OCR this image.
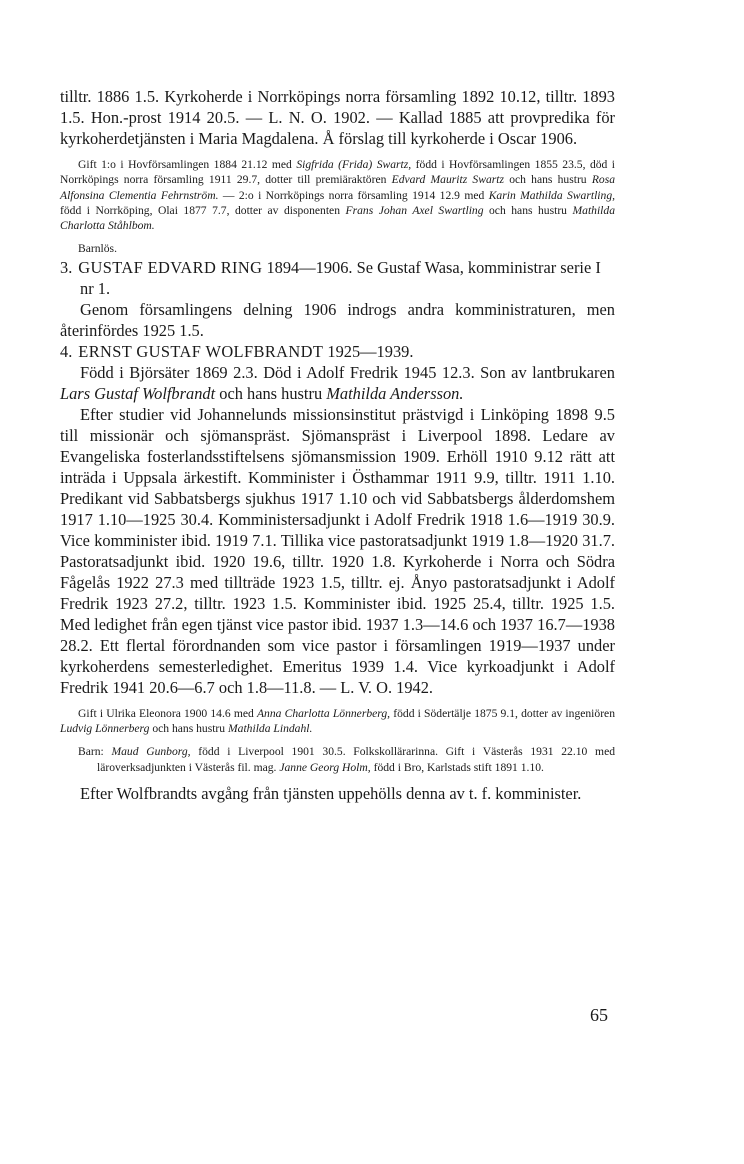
tilltr. 1886 1.5. Kyrkoherde i Norrköpings norra församling 1892 10.12, tilltr. 1893 1.5. Hon.-prost 1914 20.5. — L. N. O. 1902. — Kallad 1885 att provpredika för kyrkoherdetjänsten i Maria Magdalena. Å förslag till kyrkoherde i Oscar 1906.

Gift 1:o i Hovförsamlingen 1884 21.12 med Sigfrida (Frida) Swartz, född i Hovförsamlingen 1855 23.5, död i Norrköpings norra församling 1911 29.7, dotter till premiäraktören Edvard Mauritz Swartz och hans hustru Rosa Alfonsina Clementia Fehrnström. — 2:o i Norrköpings norra församling 1914 12.9 med Karin Mathilda Swartling, född i Norrköping, Olai 1877 7.7, dotter av disponenten Frans Johan Axel Swartling och hans hustru Mathilda Charlotta Ståhlbom.

Barnlös.

3. GUSTAF EDVARD RING 1894—1906. Se Gustaf Wasa, komministrar serie I nr 1.

Genom församlingens delning 1906 indrogs andra komministraturen, men återinfördes 1925 1.5.

4. ERNST GUSTAF WOLFBRANDT 1925—1939.

Född i Björsäter 1869 2.3. Död i Adolf Fredrik 1945 12.3. Son av lantbrukaren Lars Gustaf Wolfbrandt och hans hustru Mathilda Andersson.

Efter studier vid Johannelunds missionsinstitut prästvigd i Linköping 1898 9.5 till missionär och sjömanspräst. Sjömanspräst i Liverpool 1898. Ledare av Evangeliska fosterlandsstiftelsens sjömansmission 1909. Erhöll 1910 9.12 rätt att inträda i Uppsala ärkestift. Komminister i Östhammar 1911 9.9, tilltr. 1911 1.10. Predikant vid Sabbatsbergs sjukhus 1917 1.10 och vid Sabbatsbergs ålderdomshem 1917 1.10—1925 30.4. Komministersadjunkt i Adolf Fredrik 1918 1.6—1919 30.9. Vice komminister ibid. 1919 7.1. Tillika vice pastoratsadjunkt 1919 1.8—1920 31.7. Pastoratsadjunkt ibid. 1920 19.6, tilltr. 1920 1.8. Kyrkoherde i Norra och Södra Fågelås 1922 27.3 med tillträde 1923 1.5, tilltr. ej. Ånyo pastoratsadjunkt i Adolf Fredrik 1923 27.2, tilltr. 1923 1.5. Komminister ibid. 1925 25.4, tilltr. 1925 1.5. Med ledighet från egen tjänst vice pastor ibid. 1937 1.3—14.6 och 1937 16.7—1938 28.2. Ett flertal förordnanden som vice pastor i församlingen 1919—1937 under kyrkoherdens semesterledighet. Emeritus 1939 1.4. Vice kyrkoadjunkt i Adolf Fredrik 1941 20.6—6.7 och 1.8—11.8. — L. V. O. 1942.

Gift i Ulrika Eleonora 1900 14.6 med Anna Charlotta Lönnerberg, född i Södertälje 1875 9.1, dotter av ingeniören Ludvig Lönnerberg och hans hustru Mathilda Lindahl.

Barn: Maud Gunborg, född i Liverpool 1901 30.5. Folkskollärarinna. Gift i Västerås 1931 22.10 med läroverksadjunkten i Västerås fil. mag. Janne Georg Holm, född i Bro, Karlstads stift 1891 1.10.

Efter Wolfbrandts avgång från tjänsten uppehölls denna av t. f. komminister.

65
